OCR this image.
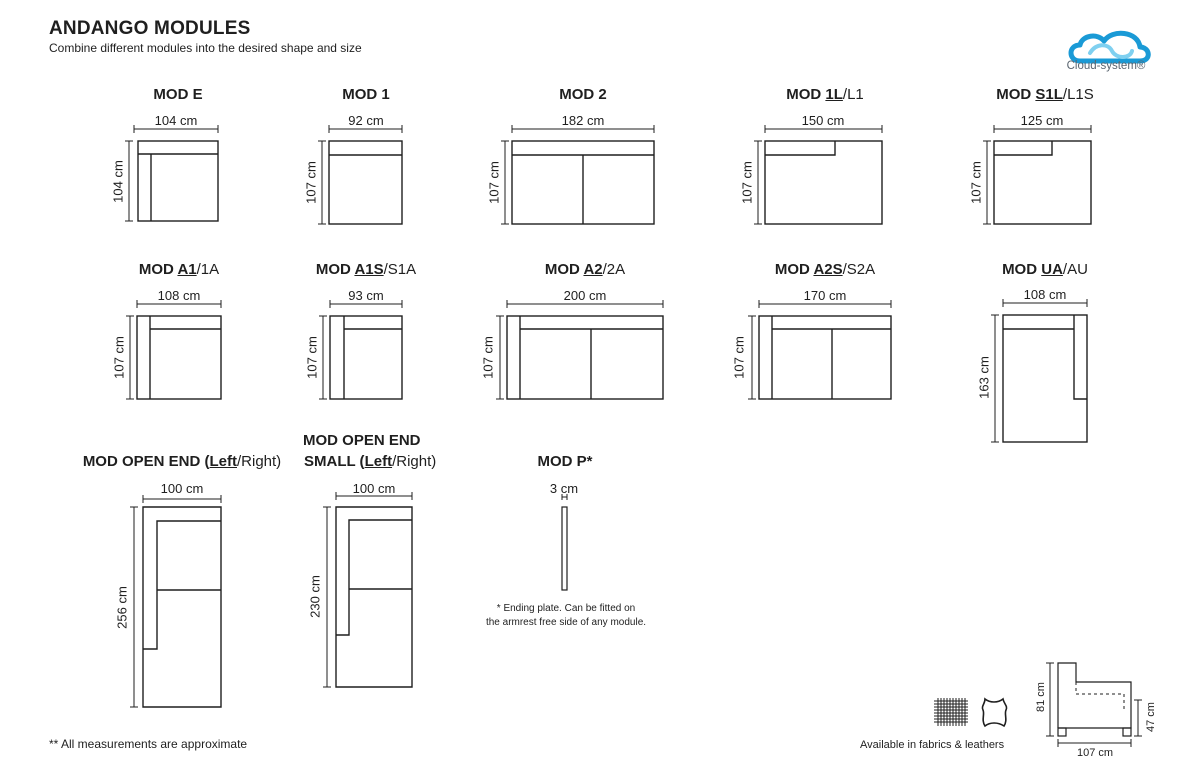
ANDANGO MODULES
Combine different modules into the desired shape and size
Cloud-system®
MOD E	MOD 1	MOD 2	MOD 1L/L1	MOD S1L/L1S
104 cm	92 cm	182 cm	150 cm	125 cm
104 cm	107 cm	107 cm	107 cm	107 cm
MOD A1/1A	MOD A1S/S1A	MOD A2/2A	MOD A2S/S2A	MOD UA/AU
108 cm	93 cm	200 cm	170 cm	108 cm
107 cm	107 cm	107 cm	107 cm	163 cm
MOD OPEN END (Left/Right)
MOD OPEN END
SMALL (Left/Right)	MOD P*
100 cm	100 cm	3 cm
256 cm	230 cm	* Ending plate. Can be fitted on
the armrest free side of any module.
** All measurements are approximate	Available in fabrics & leathers
81 cm
47 cm
107 cm
